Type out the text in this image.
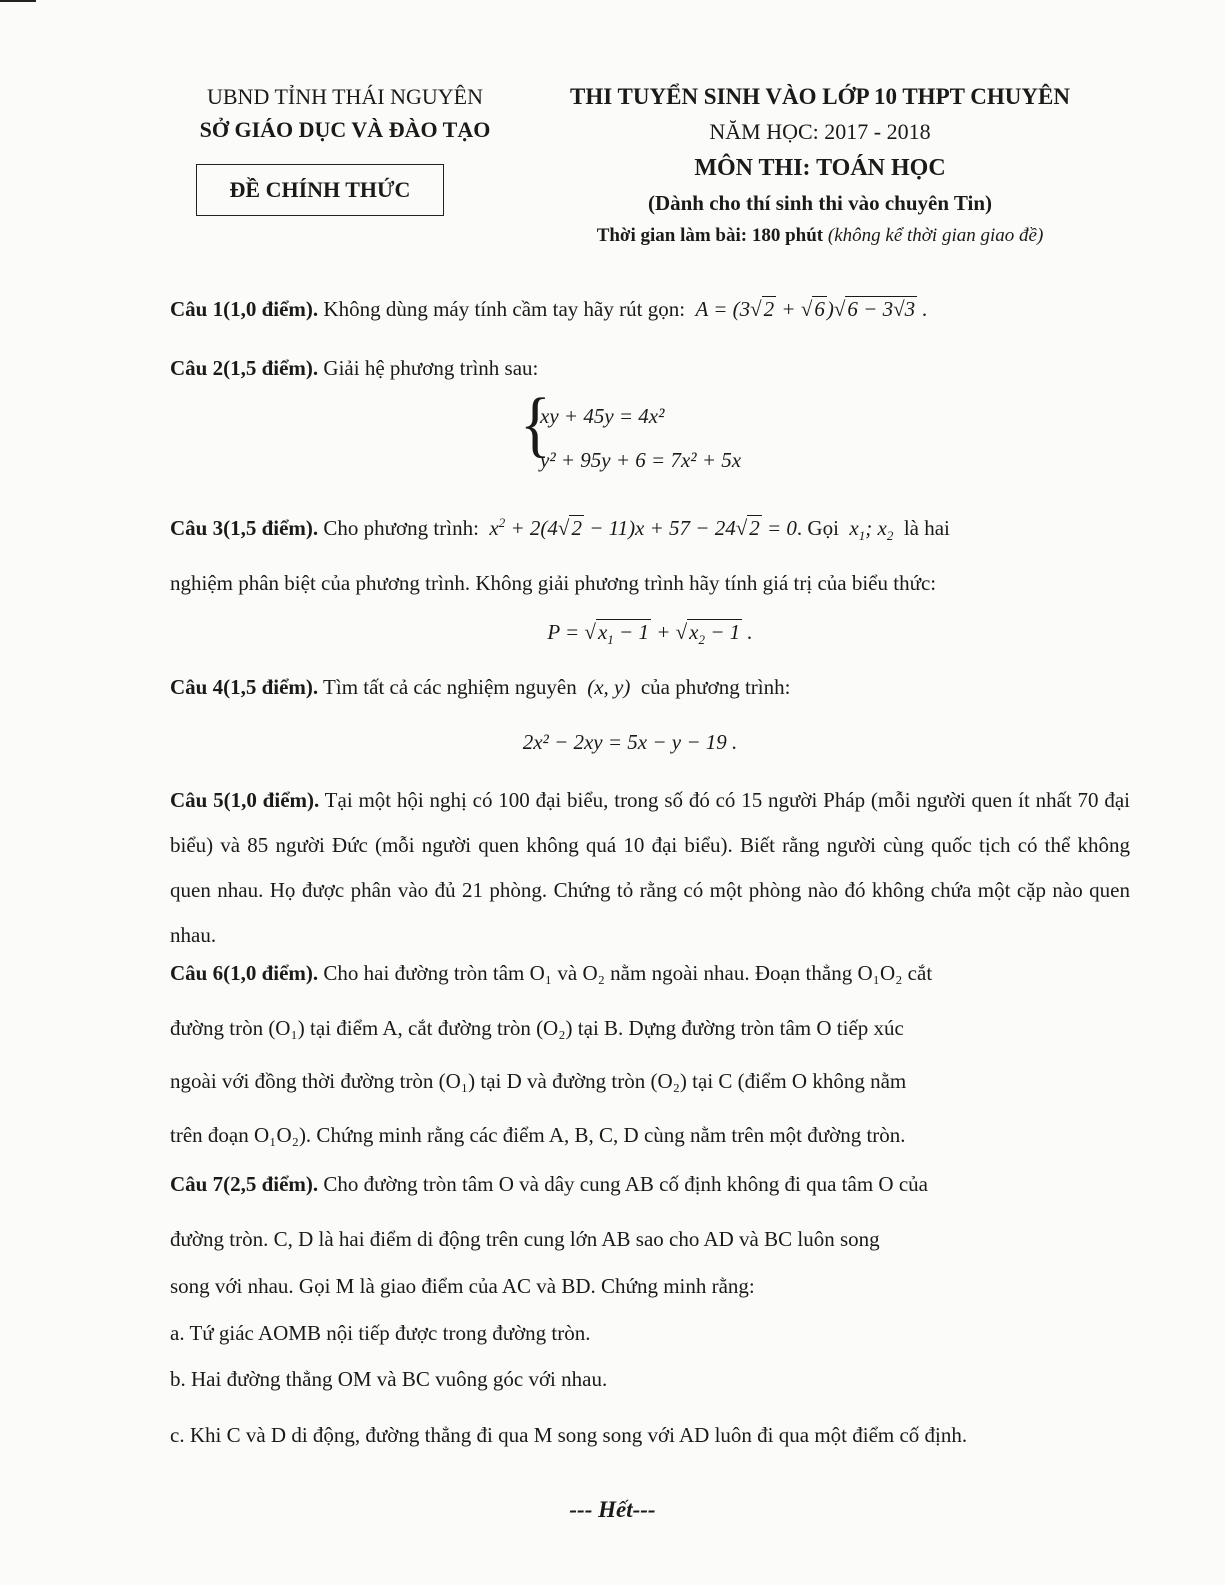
UBND TỈNH THÁI NGUYÊN
SỞ GIÁO DỤC VÀ ĐÀO TẠO
ĐỀ CHÍNH THỨC
THI TUYỂN SINH VÀO LỚP 10 THPT CHUYÊN
NĂM HỌC: 2017 - 2018
MÔN THI: TOÁN HỌC
(Dành cho thí sinh thi vào chuyên Tin)
Thời gian làm bài: 180 phút (không kể thời gian giao đề)
Câu 1(1,0 điểm). Không dùng máy tính cầm tay hãy rút gọn:  A = (3√2 + √6)√6 − 3√3 .
Câu 2(1,5 điểm). Giải hệ phương trình sau:
{
xy + 45y = 4x²
y² + 95y + 6 = 7x² + 5x
Câu 3(1,5 điểm). Cho phương trình:  $x^2 + 2(4√2 - 11)x + 57 - 24√2 = 0$. Gọi  $x_1$; $x_2$ là hai
nghiệm phân biệt của phương trình. Không giải phương trình hãy tính giá trị của biểu thức:
$P = √x_1 - 1 + √x_2 - 1$ .
Câu 4(1,5 điểm). Tìm tất cả các nghiệm nguyên  (x, y)  của phương trình:
2x² − 2xy = 5x − y − 19 .
Câu 5(1,0 điểm). Tại một hội nghị có 100 đại biểu, trong số đó có 15 người Pháp (mỗi người quen ít nhất 70 đại biểu) và 85 người Đức (mỗi người quen không quá 10 đại biểu). Biết rằng người cùng quốc tịch có thể không quen nhau. Họ được phân vào đủ 21 phòng. Chứng tỏ rằng có một phòng nào đó không chứa một cặp nào quen nhau.
Câu 6(1,0 điểm). Cho hai đường tròn tâm O₁ và O₂ nằm ngoài nhau. Đoạn thẳng O₁O₂ cắt
đường tròn (O₁) tại điểm A, cắt đường tròn (O₂) tại B. Dựng đường tròn tâm O tiếp xúc
ngoài với đồng thời đường tròn (O₁) tại D và đường tròn (O₂) tại C (điểm O không nằm
trên đoạn O₁O₂). Chứng minh rằng các điểm A, B, C, D cùng nằm trên một đường tròn.
Câu 7(2,5 điểm). Cho đường tròn tâm O và dây cung AB cố định không đi qua tâm O của
đường tròn. C, D là hai điểm di động trên cung lớn AB sao cho AD và BC luôn song
song với nhau. Gọi M là giao điểm của AC và BD. Chứng minh rằng:
a. Tứ giác AOMB nội tiếp được trong đường tròn.
b. Hai đường thẳng OM và BC vuông góc với nhau.
c. Khi C và D di động, đường thẳng đi qua M song song với AD luôn đi qua một điểm cố định.
--- Hết---
